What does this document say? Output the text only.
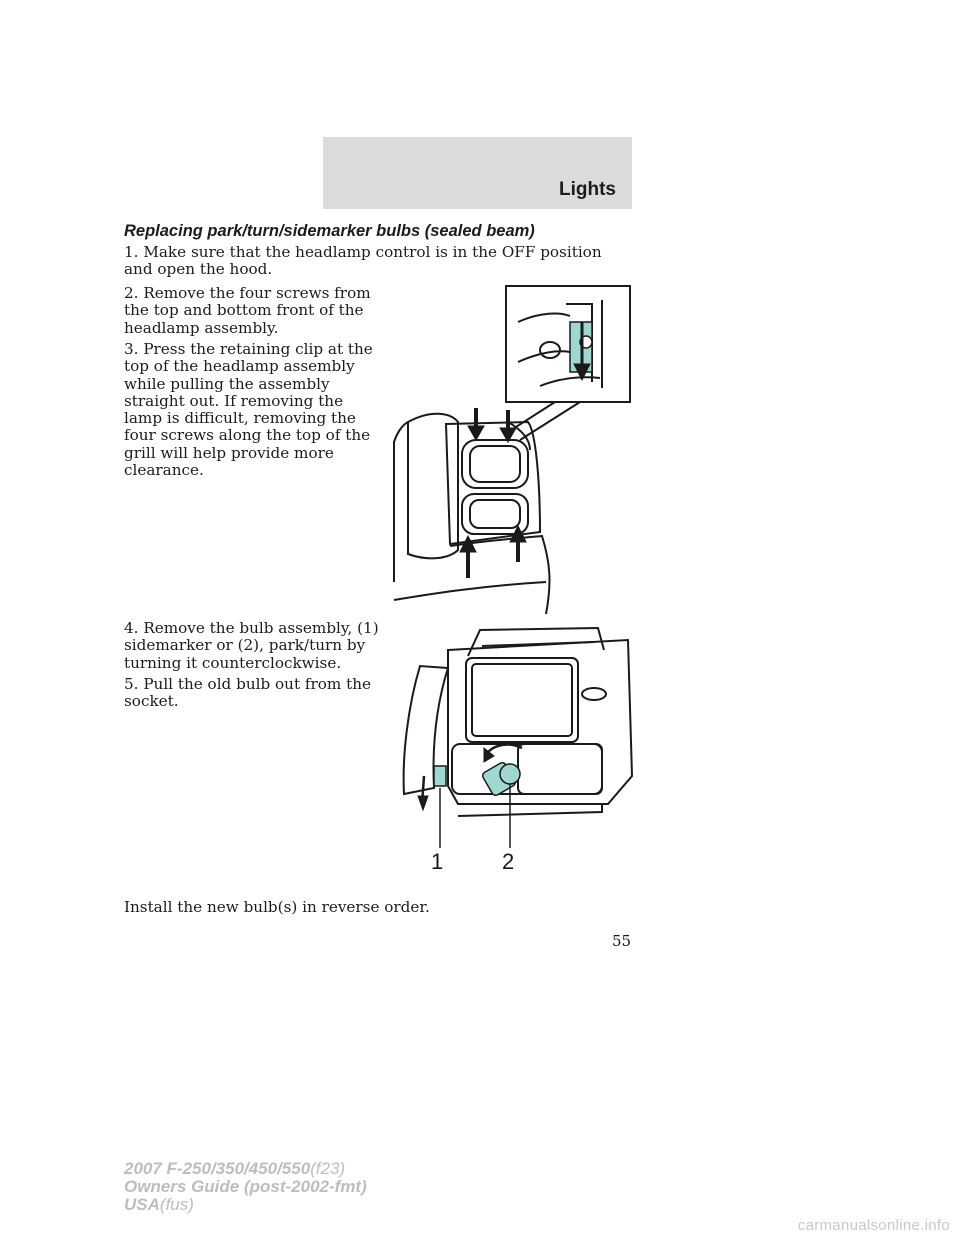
Lights
Replacing park/turn/sidemarker bulbs (sealed beam)
1. Make sure that the headlamp control is in the OFF position and open the hood.
2. Remove the four screws from the top and bottom front of the headlamp assembly.
3. Press the retaining clip at the top of the headlamp assembly while pulling the assembly straight out. If removing the lamp is difficult, removing the four screws along the top of the grill will help provide more clearance.
4. Remove the bulb assembly, (1) sidemarker or (2), park/turn by turning it counterclockwise.
5. Pull the old bulb out from the socket.
Install the new bulb(s) in reverse order.
1	2
55
2007 F-250/350/450/550(f23)
Owners Guide (post-2002-fmt)
USA(fus)
carmanualsonline.info
